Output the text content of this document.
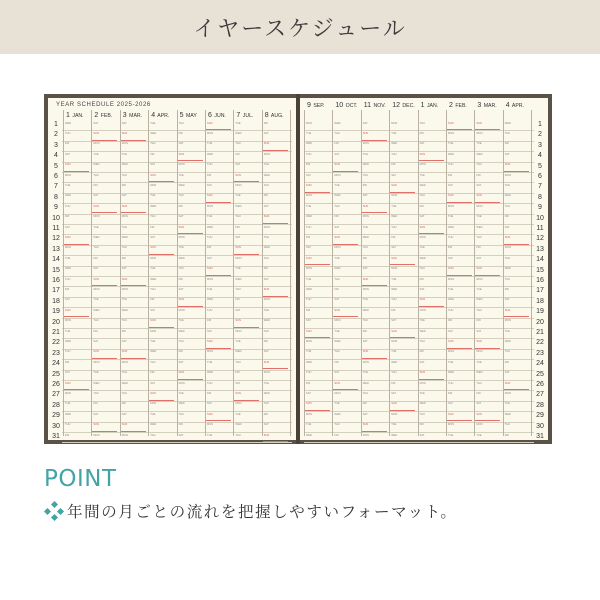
イヤースケジュール
YEAR SCHEDULE 2025-2026
1
2
3
4
5
6
7
8
9
10
11
12
13
14
15
16
17
18
19
20
21
22
23
24
25
26
27
28
29
30
31
1 JAN.
WED
THU
FRI
SAT
SUN
MON
TUE
WED
THU
FRI
SAT
SUN
MON
TUE
WED
THU
FRI
SAT
SUN
MON
TUE
WED
THU
FRI
SAT
SUN
MON
TUE
WED
THU
FRI
2 FEB.
SAT
SUN
MON
TUE
WED
THU
FRI
SAT
SUN
MON
TUE
WED
THU
FRI
SAT
SUN
MON
TUE
WED
THU
FRI
SAT
SUN
MON
TUE
WED
THU
FRI
SAT
SUN
MON
3 MAR.
SAT
SUN
MON
TUE
WED
THU
FRI
SAT
SUN
MON
TUE
WED
THU
FRI
SAT
SUN
MON
TUE
WED
THU
FRI
SAT
SUN
MON
TUE
WED
THU
FRI
SAT
SUN
MON
4 APR.
TUE
WED
THU
FRI
SAT
SUN
MON
TUE
WED
THU
FRI
SAT
SUN
MON
TUE
WED
THU
FRI
SAT
SUN
MON
TUE
WED
THU
FRI
SAT
SUN
MON
TUE
WED
THU
5 MAY
THU
FRI
SAT
SUN
MON
TUE
WED
THU
FRI
SAT
SUN
MON
TUE
WED
THU
FRI
SAT
SUN
MON
TUE
WED
THU
FRI
SAT
SUN
MON
TUE
WED
THU
FRI
SAT
6 JUN.
SUN
MON
TUE
WED
THU
FRI
SAT
SUN
MON
TUE
WED
THU
FRI
SAT
SUN
MON
TUE
WED
THU
FRI
SAT
SUN
MON
TUE
WED
THU
FRI
SAT
SUN
MON
TUE
7 JUL.
TUE
WED
THU
FRI
SAT
SUN
MON
TUE
WED
THU
FRI
SAT
SUN
MON
TUE
WED
THU
FRI
SAT
SUN
MON
TUE
WED
THU
FRI
SAT
SUN
MON
TUE
WED
THU
8 AUG.
FRI
SAT
SUN
MON
TUE
WED
THU
FRI
SAT
SUN
MON
TUE
WED
THU
FRI
SAT
SUN
MON
TUE
WED
THU
FRI
SAT
SUN
MON
TUE
WED
THU
FRI
SAT
SUN
1
2
3
4
5
6
7
8
9
10
11
12
13
14
15
16
17
18
19
20
21
22
23
24
25
26
27
28
29
30
31
9 SEP.
MON
TUE
WED
THU
FRI
SAT
SUN
MON
TUE
WED
THU
FRI
SAT
SUN
MON
TUE
WED
THU
FRI
SAT
SUN
MON
TUE
WED
THU
FRI
SAT
SUN
MON
TUE
WED
10 OCT.
WED
THU
FRI
SAT
SUN
MON
TUE
WED
THU
FRI
SAT
SUN
MON
TUE
WED
THU
FRI
SAT
SUN
MON
TUE
WED
THU
FRI
SAT
SUN
MON
TUE
WED
THU
FRI
11 NOV.
SAT
SUN
MON
TUE
WED
THU
FRI
SAT
SUN
MON
TUE
WED
THU
FRI
SAT
SUN
MON
TUE
WED
THU
FRI
SAT
SUN
MON
TUE
WED
THU
FRI
SAT
SUN
MON
12 DEC.
MON
TUE
WED
THU
FRI
SAT
SUN
MON
TUE
WED
THU
FRI
SAT
SUN
MON
TUE
WED
THU
FRI
SAT
SUN
MON
TUE
WED
THU
FRI
SAT
SUN
MON
TUE
WED
1 JAN.
THU
FRI
SAT
SUN
MON
TUE
WED
THU
FRI
SAT
SUN
MON
TUE
WED
THU
FRI
SAT
SUN
MON
TUE
WED
THU
FRI
SAT
SUN
MON
TUE
WED
THU
FRI
SAT
2 FEB.
SUN
MON
TUE
WED
THU
FRI
SAT
SUN
MON
TUE
WED
THU
FRI
SAT
SUN
MON
TUE
WED
THU
FRI
SAT
SUN
MON
TUE
WED
THU
FRI
SAT
SUN
MON
TUE
3 MAR.
SUN
MON
TUE
WED
THU
FRI
SAT
SUN
MON
TUE
WED
THU
FRI
SAT
SUN
MON
TUE
WED
THU
FRI
SAT
SUN
MON
TUE
WED
THU
FRI
SAT
SUN
MON
TUE
4 APR.
WED
THU
FRI
SAT
SUN
MON
TUE
WED
THU
FRI
SAT
SUN
MON
TUE
WED
THU
FRI
SAT
SUN
MON
TUE
WED
THU
FRI
SAT
SUN
MON
TUE
WED
THU
FRI
POINT
年間の月ごとの流れを把握しやすいフォーマット。
